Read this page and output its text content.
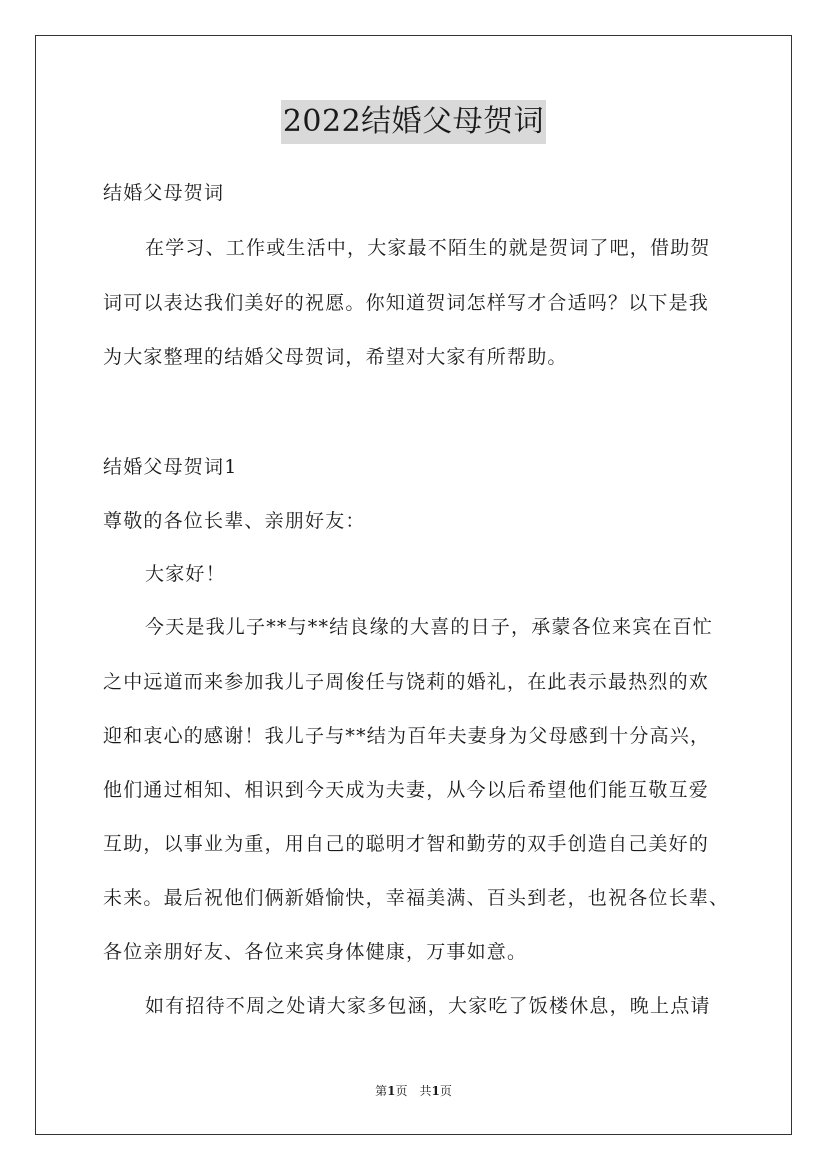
2022结婚父母贺词
结婚父母贺词
在学习、工作或生活中，大家最不陌生的就是贺词了吧，借助贺
词可以表达我们美好的祝愿。你知道贺词怎样写才合适吗？以下是我
为大家整理的结婚父母贺词，希望对大家有所帮助。
结婚父母贺词1
尊敬的各位长辈、亲朋好友：
大家好！
今天是我儿子**与**结良缘的大喜的日子，承蒙各位来宾在百忙
之中远道而来参加我儿子周俊任与饶莉的婚礼，在此表示最热烈的欢
迎和衷心的感谢！我儿子与**结为百年夫妻身为父母感到十分高兴，
他们通过相知、相识到今天成为夫妻，从今以后希望他们能互敬互爱
互助，以事业为重，用自己的聪明才智和勤劳的双手创造自己美好的
未来。最后祝他们俩新婚愉快，幸福美满、百头到老，也祝各位长辈、
各位亲朋好友、各位来宾身体健康，万事如意。
如有招待不周之处请大家多包涵，大家吃了饭楼休息，晚上点请
第1页　共1页
